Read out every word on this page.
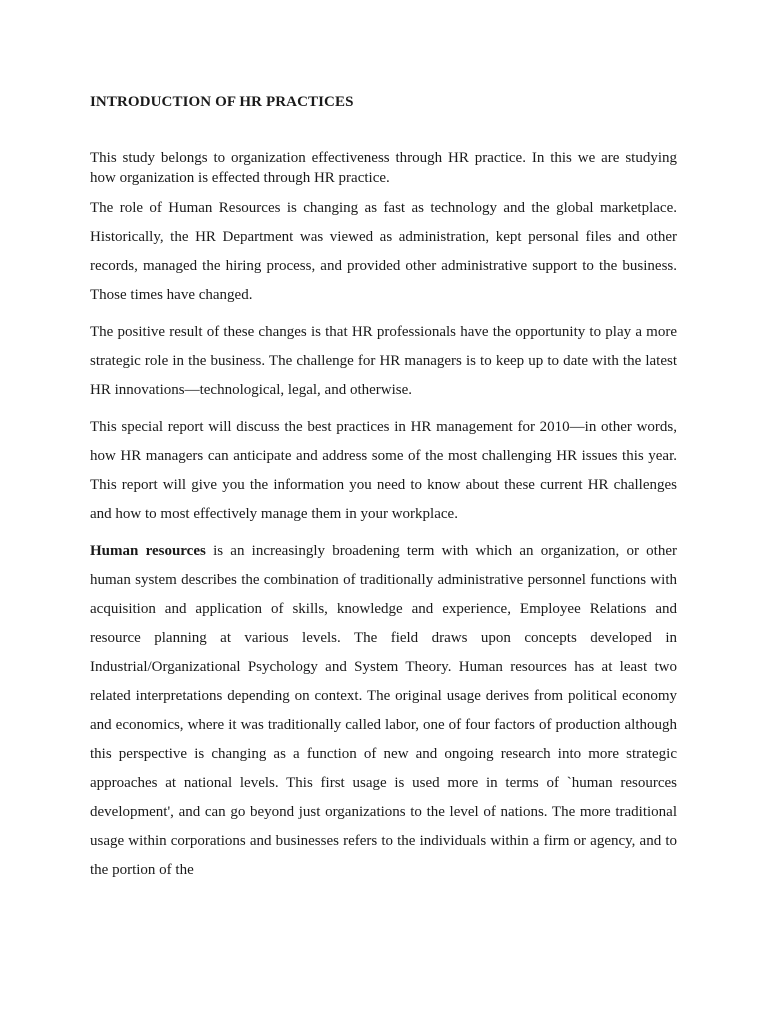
INTRODUCTION OF HR PRACTICES

This study belongs to organization effectiveness through HR practice. In this we are studying how organization is effected through HR practice.

The role of Human Resources is changing as fast as technology and the global marketplace. Historically, the HR Department was viewed as administration, kept personal files and other records, managed the hiring process, and provided other administrative support to the business. Those times have changed.

The positive result of these changes is that HR professionals have the opportunity to play a more strategic role in the business. The challenge for HR managers is to keep up to date with the latest HR innovations—technological, legal, and otherwise.

This special report will discuss the best practices in HR management for 2010—in other words, how HR managers can anticipate and address some of the most challenging HR issues this year. This report will give you the information you need to know about these current HR challenges and how to most effectively manage them in your workplace.

Human resources is an increasingly broadening term with which an organization, or other human system describes the combination of traditionally administrative personnel functions with acquisition and application of skills, knowledge and experience, Employee Relations and resource planning at various levels. The field draws upon concepts developed in Industrial/Organizational Psychology and System Theory. Human resources has at least two related interpretations depending on context. The original usage derives from political economy and economics, where it was traditionally called labor, one of four factors of production although this perspective is changing as a function of new and ongoing research into more strategic approaches at national levels. This first usage is used more in terms of `human resources development', and can go beyond just organizations to the level of nations. The more traditional usage within corporations and businesses refers to the individuals within a firm or agency, and to the portion of the
